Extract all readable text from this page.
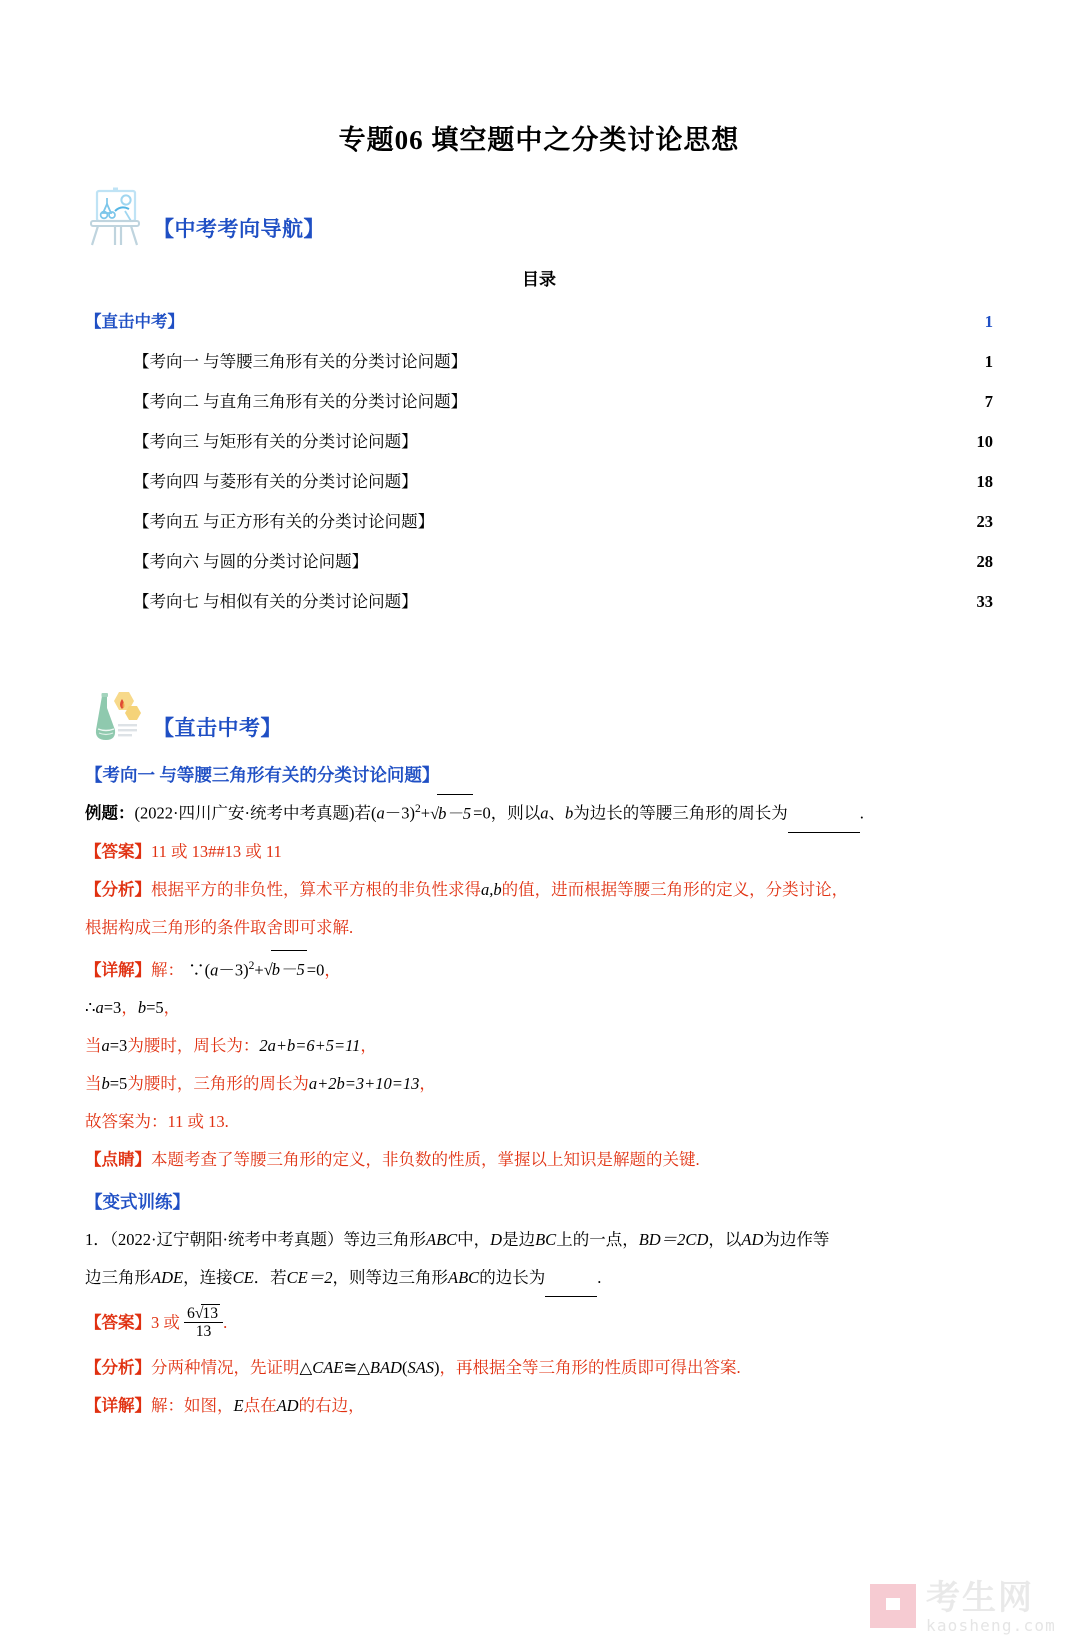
专题06 填空题中之分类讨论思想
【中考考向导航】
目录
【直击中考】 .....	1
【考向一 与等腰三角形有关的分类讨论问题】 .....	1
【考向二 与直角三角形有关的分类讨论问题】 .....	7
【考向三 与矩形有关的分类讨论问题】 .....	10
【考向四 与菱形有关的分类讨论问题】 .....	18
【考向五 与正方形有关的分类讨论问题】 .....	23
【考向六 与圆的分类讨论问题】 .....	28
【考向七 与相似有关的分类讨论问题】 .....	33
【直击中考】
【考向一 与等腰三角形有关的分类讨论问题】
例题：(2022·四川广安·统考中考真题)若$(a-3)^2+√b-5 =0$，则以a、b为边长的等腰三角形的周长为	.
【答案】11 或 13##13 或 11
【分析】根据平方的非负性，算术平方根的非负性求得a,b的值，进而根据等腰三角形的定义，分类讨论，
根据构成三角形的条件取舍即可求解.
【详解】解： $\because(a-3)^2+√b-5 =0$，
∴a=3，b=5，
当a=3为腰时，周长为：2a+b=6+5=11，
当b=5为腰时，三角形的周长为a+2b=3+10=13，
故答案为：11 或 13.
【点睛】本题考查了等腰三角形的定义，非负数的性质，掌握以上知识是解题的关键.
【变式训练】
1．（2022·辽宁朝阳·统考中考真题）等边三角形ABC中，D是边BC上的一点，BD＝2CD，以AD为边作等
边三角形ADE，连接CE．若CE＝2，则等边三角形ABC的边长为	.
【答案】3 或 $\frac{6√13}{13}$ .
【分析】分两种情况，先证明△CAE≅△BAD(SAS)，再根据全等三角形的性质即可得出答案.
【详解】解：如图，E点在AD的右边，
考生网
kaosheng.com
